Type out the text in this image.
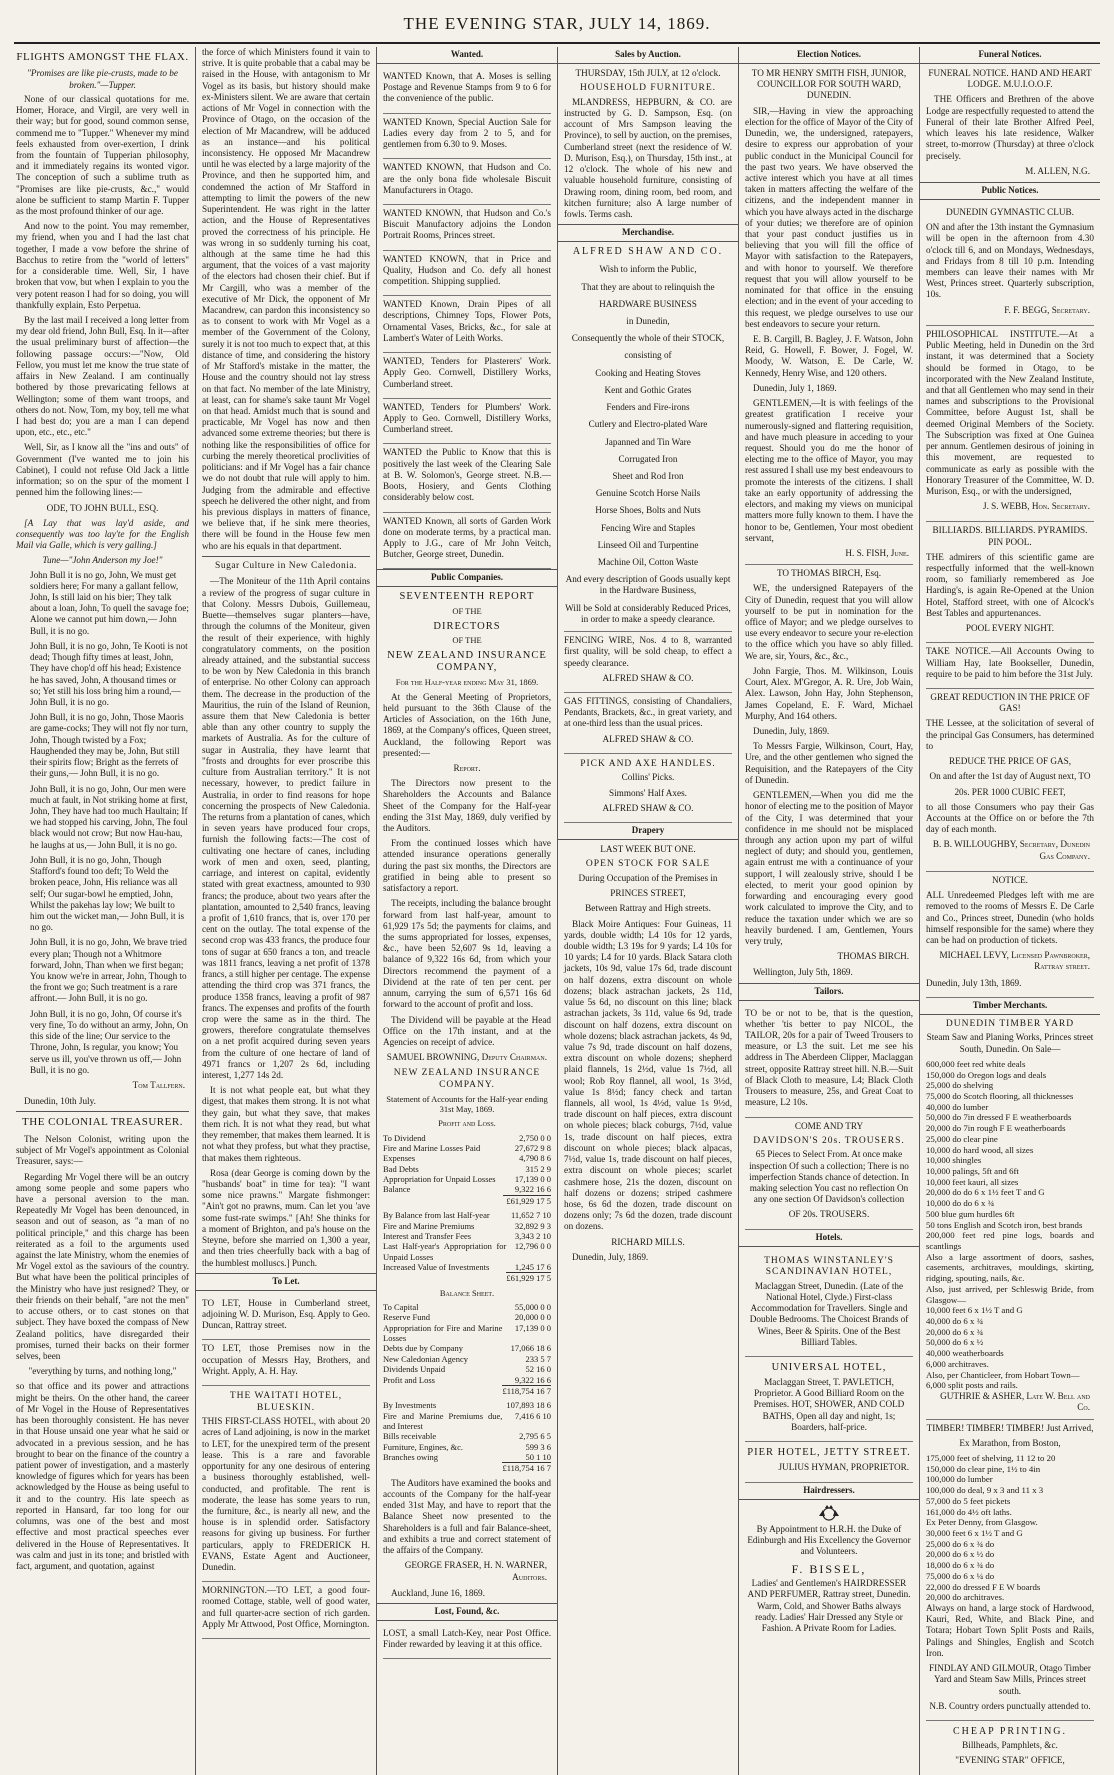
THE EVENING STAR, JULY 14, 1869.
FLIGHTS AMONGST THE FLAX.

"Promises are like pie-crusts, made to be broken."—Tupper.

None of our classical quotations for me. Homer, Horace, and Virgil, are very well in their way; but for good, sound common sense, commend me to "Tupper." Whenever my mind feels exhausted from over-exertion, I drink from the fountain of Tupperian philosophy, and it immediately regains its wonted vigor. The conception of such a sublime truth as "Promises are like pie-crusts, &c.," would alone be sufficient to stamp Martin F. Tupper as the most profound thinker of our age.

And now to the point. You may remember, my friend, when you and I had the last chat together, I made a vow before the shrine of Bacchus to retire from the "world of letters" for a considerable time. Well, Sir, I have broken that vow, but when I explain to you the very potent reason I had for so doing, you will thankfully explain, Esto Perpetua.

By the last mail I received a long letter from my dear old friend, John Bull, Esq. In it—after the usual preliminary burst of affection—the following passage occurs:—"Now, Old Fellow, you must let me know the true state of affairs in New Zealand. I am continually bothered by those prevaricating fellows at Wellington; some of them want troops, and others do not. Now, Tom, my boy, tell me what I had best do; you are a man I can depend upon, etc., etc., etc."

Well, Sir, as I know all the "ins and outs" of Government (I've wanted me to join his Cabinet), I could not refuse Old Jack a little information; so on the spur of the moment I penned him the following lines:—

ODE, TO JOHN BULL, ESQ.

[A Lay that was lay'd aside, and consequently was too lay'te for the English Mail via Galle, which is very galling.]

Tune—"John Anderson my Joe!"

John Bull it is no go, John, We must get soldiers here; For many a gallant fellow, John, Is still laid on his bier; They talk about a loan, John, To quell the savage foe; Alone we cannot put him down,— John Bull, it is no go.

John Bull, it is no go, John, Te Kooti is not dead; Though fifty times at least, John, They have chop'd off his head; Existence he has saved, John, A thousand times or so; Yet still his loss bring him a round,— John Bull, it is no go.

John Bull, it is no go, John, Those Maoris are game-cocks; They will not fly nor turn, John, Though twisted by a Fox; Haughended they may be, John, But still their spirits flow; Bright as the ferrets of their guns,— John Bull, it is no go.

John Bull, it is no go, John, Our men were much at fault, in Not striking home at first, John, They have had too much Haultain; If we had stopped his carving, John, The foul black would not crow; But now Hau-hau, he laughs at us,— John Bull, it is no go.

John Bull, it is no go, John, Though Stafford's found too deft; To Weld the broken peace, John, His reliance was all self; Our sugar-bowl he emptied, John, Whilst the pakehas lay low; We built to him out the wicket man,— John Bull, it is no go.

John Bull, it is no go, John, We brave tried every plan; Though not a Whitmore forward, John, Than when we first began; You know we're in arrear, John, Though to the front we go; Such treatment is a rare affront.— John Bull, it is no go.

John Bull, it is no go, John, Of course it's very fine, To do without an army, John, On this side of the line; Our service to the Throne, John, Is regular, you know; You serve us ill, you've thrown us off,— John Bull, it is no go.

Tom Tallfern.

Dunedin, 10th July.

THE COLONIAL TREASURER.

The Nelson Colonist, writing upon the subject of Mr Vogel's appointment as Colonial Treasurer, says:—

Regarding Mr Vogel there will be an outcry among some people and some papers who have a personal aversion to the man. Repeatedly Mr Vogel has been denounced, in season and out of season, as "a man of no political principle," and this charge has been reiterated as a foil to the arguments used against the late Ministry, whom the enemies of Mr Vogel extol as the saviours of the country. But what have been the political principles of the Ministry who have just resigned? They, or their friends on their behalf, "are not the men" to accuse others, or to cast stones on that subject. They have boxed the compass of New Zealand politics, have disregarded their promises, turned their backs on their former selves, been

"everything by turns, and nothing long,"

so that office and its power and attractions might be theirs. On the other hand, the career of Mr Vogel in the House of Representatives has been thoroughly consistent. He has never in that House unsaid one year what he said or advocated in a previous session, and he has brought to bear on the finance of the country a patient power of investigation, and a masterly knowledge of figures which for years has been acknowledged by the House as being useful to it and to the country. His late speech as reported in Hansard, far too long for our columns, was one of the best and most effective and most practical speeches ever delivered in the House of Representatives. It was calm and just in its tone; and bristled with fact, argument, and quotation, against

the force of which Ministers found it vain to strive. It is quite probable that a cabal may be raised in the House, with antagonism to Mr Vogel as its basis, but history should make ex-Ministers silent. We are aware that certain actions of Mr Vogel in connection with the Province of Otago, on the occasion of the election of Mr Macandrew, will be adduced as an instance—and his political inconsistency. He opposed Mr Macandrew until he was elected by a large majority of the Province, and then he supported him, and condemned the action of Mr Stafford in attempting to limit the powers of the new Superintendent. He was right in the latter action, and the House of Representatives proved the correctness of his principle. He was wrong in so suddenly turning his coat, although at the same time he had this argument, that the voices of a vast majority of the electors had chosen their chief. But if Mr Cargill, who was a member of the executive of Mr Dick, the opponent of Mr Macandrew, can pardon this inconsistency so as to consent to work with Mr Vogel as a member of the Government of the Colony, surely it is not too much to expect that, at this distance of time, and considering the history of Mr Stafford's mistake in the matter, the House and the country should not lay stress on that fact. No member of the late Ministry, at least, can for shame's sake taunt Mr Vogel on that head. Amidst much that is sound and practicable, Mr Vogel has now and then advanced some extreme theories; but there is nothing like the responsibilities of office for curbing the merely theoretical proclivities of politicians: and if Mr Vogel has a fair chance we do not doubt that rule will apply to him. Judging from the admirable and effective speech he delivered the other night, and from his previous displays in matters of finance, we believe that, if he sink mere theories, there will be found in the House few men who are his equals in that department.

Sugar Culture in New Caledonia.

—The Moniteur of the 11th April contains a review of the progress of sugar culture in that Colony. Messrs Dubois, Guillemeau, Buette—themselves sugar planters—have, through the columns of the Moniteur, given the result of their experience, with highly congratulatory comments, on the position already attained, and the substantial success to be won by New Caledonia in this branch of enterprise. No other Colony can approach them. The decrease in the production of the Mauritius, the ruin of the Island of Reunion, assure them that New Caledonia is better able than any other country to supply the markets of Australia. As for the culture of sugar in Australia, they have learnt that "frosts and droughts for ever proscribe this culture from Australian territory." It is not necessary, however, to predict failure in Australia, in order to find reasons for hope concerning the prospects of New Caledonia. The returns from a plantation of canes, which in seven years have produced four crops, furnish the following facts:—The cost of cultivating one hectare of canes, including work of men and oxen, seed, planting, carriage, and interest on capital, evidently stated with great exactness, amounted to 930 francs; the produce, about two years after the plantation, amounted to 2,540 francs, leaving a profit of 1,610 francs, that is, over 170 per cent on the outlay. The total expense of the second crop was 433 francs, the produce four tons of sugar at 650 francs a ton, and treacle was 1811 francs, leaving a net profit of 1378 francs, a still higher per centage. The expense attending the third crop was 371 francs, the produce 1358 francs, leaving a profit of 987 francs. The expenses and profits of the fourth crop were the same as in the third. The growers, therefore congratulate themselves on a net profit acquired during seven years from the culture of one hectare of land of 4971 francs or 1,207 2s 6d, including interest, 1,277 14s 2d.

It is not what people eat, but what they digest, that makes them strong. It is not what they gain, but what they save, that makes them rich. It is not what they read, but what they remember, that makes them learned. It is not what they profess, but what they practise, that makes them righteous.

Rosa (dear George is coming down by the "husbands' boat" in time for tea): "I want some nice prawns." Margate fishmonger: "Ain't got no prawns, mum. Can let you 'ave some fust-rate swimps." [Ah! She thinks for a moment of Brighton, and pa's house on the Steyne, before she married on 1,300 a year, and then tries cheerfully back with a bag of the humblest molluscs.] Punch.

To Let.

TO LET, House in Cumberland street, adjoining W. D. Murison, Esq. Apply to Geo. Duncan, Rattray street.

TO LET, those Premises now in the occupation of Messrs Hay, Brothers, and Wright. Apply, A. H. Hay.

THE WAITATI HOTEL, BLUESKIN.

THIS FIRST-CLASS HOTEL, with about 20 acres of Land adjoining, is now in the market to LET, for the unexpired term of the present lease. This is a rare and favorable opportunity for any one desirous of entering a business thoroughly established, well-conducted, and profitable. The rent is moderate, the lease has some years to run, the furniture, &c., is nearly all new, and the house is in splendid order. Satisfactory reasons for giving up business. For further particulars, apply to FREDERICK H. EVANS, Estate Agent and Auctioneer, Dunedin.

MORNINGTON.—TO LET, a good four-roomed Cottage, stable, well of good water, and full quarter-acre section of rich garden. Apply Mr Attwood, Post Office, Mornington.

Wanted.

WANTED Known, that A. Moses is selling Postage and Revenue Stamps from 9 to 6 for the convenience of the public.

WANTED Known, Special Auction Sale for Ladies every day from 2 to 5, and for gentlemen from 6.30 to 9. Moses.

WANTED KNOWN, that Hudson and Co. are the only bona fide wholesale Biscuit Manufacturers in Otago.

WANTED KNOWN, that Hudson and Co.'s Biscuit Manufactory adjoins the London Portrait Rooms, Princes street.

WANTED KNOWN, that in Price and Quality, Hudson and Co. defy all honest competition. Shipping supplied.

WANTED Known, Drain Pipes of all descriptions, Chimney Tops, Flower Pots, Ornamental Vases, Bricks, &c., for sale at Lambert's Water of Leith Works.

WANTED, Tenders for Plasterers' Work. Apply Geo. Cornwell, Distillery Works, Cumberland street.

WANTED, Tenders for Plumbers' Work. Apply to Geo. Cornwell, Distillery Works, Cumberland street.

WANTED the Public to Know that this is positively the last week of the Clearing Sale at B. W. Solomon's, George street. N.B.—Boots, Hosiery, and Gents Clothing considerably below cost.

WANTED Known, all sorts of Garden Work done on moderate terms, by a practical man. Apply to J.G., care of Mr John Veitch, Butcher, George street, Dunedin.

Public Companies.

SEVENTEENTH REPORT

OF THE

DIRECTORS

OF THE

NEW ZEALAND INSURANCE COMPANY,

For the Half-year ending May 31, 1869.

At the General Meeting of Proprietors, held pursuant to the 36th Clause of the Articles of Association, on the 16th June, 1869, at the Company's offices, Queen street, Auckland, the following Report was presented:—

Report.

The Directors now present to the Shareholders the Accounts and Balance Sheet of the Company for the Half-year ending the 31st May, 1869, duly verified by the Auditors.

From the continued losses which have attended insurance operations generally during the past six months, the Directors are gratified in being able to present so satisfactory a report.

The receipts, including the balance brought forward from last half-year, amount to 61,929 17s 5d; the payments for claims, and the sums appropriated for losses, expenses, &c., have been 52,607 9s 1d, leaving a balance of 9,322 16s 6d, from which your Directors recommend the payment of a Dividend at the rate of ten per cent. per annum, carrying the sum of 6,571 16s 6d forward to the account of profit and loss.

The Dividend will be payable at the Head Office on the 17th instant, and at the Agencies on receipt of advice.

SAMUEL BROWNING, Deputy Chairman.

NEW ZEALAND INSURANCE COMPANY.

Statement of Accounts for the Half-year ending 31st May, 1869.

Profit and Loss.

To Dividend	2,750 0 0
Fire and Marine Losses Paid	27,672 9 8
Expenses	4,790 8 6
Bad Debts	315 2 9
Appropriation for Unpaid Losses	17,139 0 0
Balance	9,322 16 6
	£61,929 17 5
By Balance from last Half-year	11,652 7 10
Fire and Marine Premiums	32,892 9 3
Interest and Transfer Fees	3,343 2 10
Last Half-year's Appropriation for Unpaid Losses	12,796 0 0
Increased Value of Investments	1,245 17 6
	£61,929 17 5

Balance Sheet.

To Capital	55,000 0 0
Reserve Fund	20,000 0 0
Appropriation for Fire and Marine Losses	17,139 0 0
Debts due by Company	17,066 18 6
New Caledonian Agency	233 5 7
Dividends Unpaid	52 16 0
Profit and Loss	9,322 16 6
	£118,754 16 7
By Investments	107,893 18 6
Fire and Marine Premiums due, and Interest	7,416 6 10
Bills receivable	2,795 6 5
Furniture, Engines, &c.	599 3 6
Branches owing	50 1 10
	£118,754 16 7

The Auditors have examined the books and accounts of the Company for the half-year ended 31st May, and have to report that the Balance Sheet now presented to the Shareholders is a full and fair Balance-sheet, and exhibits a true and correct statement of the affairs of the Company.

GEORGE FRASER, H. N. WARNER, Auditors.

Auckland, June 16, 1869.

Lost, Found, &c.

LOST, a small Latch-Key, near Post Office. Finder rewarded by leaving it at this office.

Sales by Auction.

THURSDAY, 15th JULY, at 12 o'clock.

HOUSEHOLD FURNITURE.

MLANDRESS, HEPBURN, & CO. are instructed by G. D. Sampson, Esq. (on account of Mrs Sampson leaving the Province), to sell by auction, on the premises, Cumberland street (next the residence of W. D. Murison, Esq.), on Thursday, 15th inst., at 12 o'clock. The whole of his new and valuable household furniture, consisting of Drawing room, dining room, bed room, and kitchen furniture; also A large number of fowls. Terms cash.

Merchandise.

ALFRED SHAW AND CO.

Wish to inform the Public,

That they are about to relinquish the

HARDWARE BUSINESS

in Dunedin,

Consequently the whole of their STOCK,

consisting of

Cooking and Heating Stoves

Kent and Gothic Grates

Fenders and Fire-irons

Cutlery and Electro-plated Ware

Japanned and Tin Ware

Corrugated Iron

Sheet and Rod Iron

Genuine Scotch Horse Nails

Horse Shoes, Bolts and Nuts

Fencing Wire and Staples

Linseed Oil and Turpentine

Machine Oil, Cotton Waste

And every description of Goods usually kept in the Hardware Business,

Will be Sold at considerably Reduced Prices, in order to make a speedy clearance.

FENCING WIRE, Nos. 4 to 8, warranted first quality, will be sold cheap, to effect a speedy clearance.

ALFRED SHAW & CO.

GAS FITTINGS, consisting of Chandaliers, Pendants, Brackets, &c., in great variety, and at one-third less than the usual prices.

ALFRED SHAW & CO.

PICK AND AXE HANDLES.

Collins' Picks.

Simmons' Half Axes.

ALFRED SHAW & CO.

Drapery

LAST WEEK BUT ONE.

OPEN STOCK FOR SALE

During Occupation of the Premises in

PRINCES STREET,

Between Rattray and High streets.

Black Moire Antiques: Four Guineas, 11 yards, double width; L4 10s for 12 yards, double width; L3 19s for 9 yards; L4 10s for 10 yards; L4 for 10 yards. Black Satara cloth jackets, 10s 9d, value 17s 6d, trade discount on half dozens, extra discount on whole dozens; black astrachan jackets, 2s 11d, value 5s 6d, no discount on this line; black astrachan jackets, 3s 11d, value 6s 9d, trade discount on half dozens, extra discount on whole dozens; black astrachan jackets, 4s 9d, value 7s 9d, trade discount on half dozens, extra discount on whole dozens; shepherd plaid flannels, 1s 2½d, value 1s 7½d, all wool; Rob Roy flannel, all wool, 1s 3½d, value 1s 8½d; fancy check and tartan flannels, all wool, 1s 4½d, value 1s 9½d, trade discount on half pieces, extra discount on whole pieces; black coburgs, 7½d, value 1s, trade discount on half pieces, extra discount on whole pieces; black alpacas, 7½d, value 1s, trade discount on half pieces, extra discount on whole pieces; scarlet cashmere hose, 21s the dozen, discount on half dozens or dozens; striped cashmere hose, 6s 6d the dozen, trade discount on dozens only; 7s 6d the dozen, trade discount on dozens.

RICHARD MILLS.

Dunedin, July, 1869.

Election Notices.

TO MR HENRY SMITH FISH, JUNIOR, COUNCILLOR FOR SOUTH WARD, DUNEDIN.

SIR,—Having in view the approaching election for the office of Mayor of the City of Dunedin, we, the undersigned, ratepayers, desire to express our approbation of your public conduct in the Municipal Council for the past two years. We have observed the active interest which you have at all times taken in matters affecting the welfare of the citizens, and the independent manner in which you have always acted in the discharge of your duties; we therefore are of opinion that your past conduct justifies us in believing that you will fill the office of Mayor with satisfaction to the Ratepayers, and with honor to yourself. We therefore request that you will allow yourself to be nominated for that office in the ensuing election; and in the event of your acceding to this request, we pledge ourselves to use our best endeavors to secure your return.

E. B. Cargill, B. Bagley, J. F. Watson, John Reid, G. Howell, F. Bower, J. Fogel, W. Moody, W. Watson, E. De Carle, W. Kennedy, Henry Wise, and 120 others.

Dunedin, July 1, 1869.

GENTLEMEN,—It is with feelings of the greatest gratification I receive your numerously-signed and flattering requisition, and have much pleasure in acceding to your request. Should you do me the honor of electing me to the office of Mayor, you may rest assured I shall use my best endeavours to promote the interests of the citizens. I shall take an early opportunity of addressing the electors, and making my views on municipal matters more fully known to them. I have the honor to be, Gentlemen, Your most obedient servant,

H. S. FISH, June.

TO THOMAS BIRCH, Esq.

WE, the undersigned Ratepayers of the City of Dunedin, request that you will allow yourself to be put in nomination for the office of Mayor; and we pledge ourselves to use every endeavor to secure your re-election to the office which you have so ably filled. We are, sir, Yours, &c., &c.,

John Fargie, Thos. M. Wilkinson, Louis Court, Alex. M'Gregor, A. R. Ure, Job Wain, Alex. Lawson, John Hay, John Stephenson, James Copeland, E. F. Ward, Michael Murphy, And 164 others.

Dunedin, July, 1869.

To Messrs Fargie, Wilkinson, Court, Hay, Ure, and the other gentlemen who signed the Requisition, and the Ratepayers of the City of Dunedin.

GENTLEMEN,—When you did me the honor of electing me to the position of Mayor of the City, I was determined that your confidence in me should not be misplaced through any action upon my part of wilful neglect of duty; and should you, gentlemen, again entrust me with a continuance of your support, I will zealously strive, should I be elected, to merit your good opinion by forwarding and encouraging every good work calculated to improve the City, and to reduce the taxation under which we are so heavily burdened. I am, Gentlemen, Yours very truly,

THOMAS BIRCH.

Wellington, July 5th, 1869.

Tailors.

TO be or not to be, that is the question, whether 'tis better to pay NICOL, the TAILOR, 20s for a pair of Tweed Trousers to measure, or L3 the suit. Let me see his address in The Aberdeen Clipper, Maclaggan street, opposite Rattray street hill. N.B.—Suit of Black Cloth to measure, L4; Black Cloth Trousers to measure, 25s, and Great Coat to measure, L2 10s.

COME AND TRY

DAVIDSON'S 20s. TROUSERS.

65 Pieces to Select From. At once make inspection Of such a collection; There is no imperfection Stands chance of detection. In making selection You cast no reflection On any one section Of Davidson's collection

OF 20s. TROUSERS.

Hotels.

THOMAS WINSTANLEY'S SCANDINAVIAN HOTEL,

Maclaggan Street, Dunedin. (Late of the National Hotel, Clyde.) First-class Accommodation for Travellers. Single and Double Bedrooms. The Choicest Brands of Wines, Beer & Spirits. One of the Best Billiard Tables.

UNIVERSAL HOTEL,

Maclaggan Street, T. PAVLETICH, Proprietor. A Good Billiard Room on the Premises. HOT, SHOWER, AND COLD BATHS, Open all day and night, 1s; Boarders, half-price.

PIER HOTEL, JETTY STREET.

JULIUS HYMAN, PROPRIETOR.

Hairdressers.

By Appointment to H.R.H. the Duke of Edinburgh and His Excellency the Governor and Volunteers.

F. BISSEL,

Ladies' and Gentlemen's HAIRDRESSER AND PERFUMER, Rattray street, Dunedin. Warm, Cold, and Shower Baths always ready. Ladies' Hair Dressed any Style or Fashion. A Private Room for Ladies.

Funeral Notices.

FUNERAL NOTICE. HAND AND HEART LODGE. M.U.I.O.O.F.

THE Officers and Brethren of the above Lodge are respectfully requested to attend the Funeral of their late Brother Alfred Peel, which leaves his late residence, Walker street, to-morrow (Thursday) at three o'clock precisely.

M. ALLEN, N.G.

Public Notices.

DUNEDIN GYMNASTIC CLUB.

ON and after the 13th instant the Gymnasium will be open in the afternoon from 4.30 o'clock till 6, and on Mondays, Wednesdays, and Fridays from 8 till 10 p.m. Intending members can leave their names with Mr West, Princes street. Quarterly subscription, 10s.

F. F. BEGG, Secretary.

PHILOSOPHICAL INSTITUTE.—At a Public Meeting, held in Dunedin on the 3rd instant, it was determined that a Society should be formed in Otago, to be incorporated with the New Zealand Institute, and that all Gentlemen who may send in their names and subscriptions to the Provisional Committee, before August 1st, shall be deemed Original Members of the Society. The Subscription was fixed at One Guinea per annum. Gentlemen desirous of joining in this movement, are requested to communicate as early as possible with the Honorary Treasurer of the Committee, W. D. Murison, Esq., or with the undersigned,

J. S. WEBB, Hon. Secretary.

BILLIARDS. BILLIARDS. PYRAMIDS. PIN POOL.

THE admirers of this scientific game are respectfully informed that the well-known room, so familiarly remembered as Joe Harding's, is again Re-Opened at the Union Hotel, Stafford street, with one of Alcock's Best Tables and appurtenances.

POOL EVERY NIGHT.

TAKE NOTICE.—All Accounts Owing to William Hay, late Bookseller, Dunedin, require to be paid to him before the 31st July.

GREAT REDUCTION IN THE PRICE OF GAS!

THE Lessee, at the solicitation of several of the principal Gas Consumers, has determined to

REDUCE THE PRICE OF GAS,

On and after the 1st day of August next, TO

20s. PER 1000 CUBIC FEET,

to all those Consumers who pay their Gas Accounts at the Office on or before the 7th day of each month.

B. B. WILLOUGHBY, Secretary, Dunedin Gas Company.

NOTICE.

ALL Unredeemed Pledges left with me are removed to the rooms of Messrs E. De Carle and Co., Princes street, Dunedin (who holds himself responsible for the same) where they can be had on production of tickets.

MICHAEL LEVY, Licensed Pawnbroker, Rattray street.

Dunedin, July 13th, 1869.

Timber Merchants.

DUNEDIN TIMBER YARD

Steam Saw and Planing Works, Princes street South, Dunedin. On Sale—

600,000 feet red white deals

150,000 do Oregon logs and deals

25,000 do shelving

75,000 do Scotch flooring, all thicknesses

40,000 do lumber

50,000 do 7in dressed F E weatherboards

20,000 do 7in rough F E weatherboards

25,000 do clear pine

10,000 do hard wood, all sizes

10,000 shingles

10,000 palings, 5ft and 6ft

10,000 feet kauri, all sizes

20,000 do do 6 x 1½ feet T and G

10,000 do do 6 x ¾

500 blue gum hurdles 6ft

50 tons English and Scotch iron, best brands

200,000 feet red pine logs, boards and scantlings

Also a large assortment of doors, sashes, casements, architraves, mouldings, skirting, ridging, spouting, nails, &c.

Also, just arrived, per Schleswig Bride, from Glasgow—

10,000 feet 6 x 1½ T and G

40,000 do 6 x ¾

20,000 do 6 x ¾

50,000 do 6 x ½

40,000 weatherboards

6,000 architraves.

Also, per Chanticleer, from Hobart Town—

6,000 split posts and rails.

GUTHRIE & ASHER, Late W. Bell and Co.

TIMBER! TIMBER! TIMBER! Just Arrived,

Ex Marathon, from Boston,

175,000 feet of shelving, 11 12 to 20

150,000 do clear pine, 1½ to 4in

100,000 do lumber

100,000 do deal, 9 x 3 and 11 x 3

57,000 do 5 feet pickets

161,000 do 4½ oft laths.

Ex Peter Denny, from Glasgow.

30,000 feet 6 x 1½ T and G

25,000 do 6 x ¾ do

20,000 do 6 x ½ do

18,000 do 6 x ¾ do

75,000 do 6 x ¼ do

22,000 do dressed F E W boards

20,000 do architraves.

Always on hand, a large stock of Hardwood, Kauri, Red, White, and Black Pine, and Totara; Hobart Town Split Posts and Rails, Palings and Shingles, English and Scotch Iron.

FINDLAY AND GILMOUR, Otago Timber Yard and Steam Saw Mills, Princes street south.

N.B. Country orders punctually attended to.

CHEAP PRINTING.

Billheads, Pamphlets, &c.

"EVENING STAR" OFFICE,
